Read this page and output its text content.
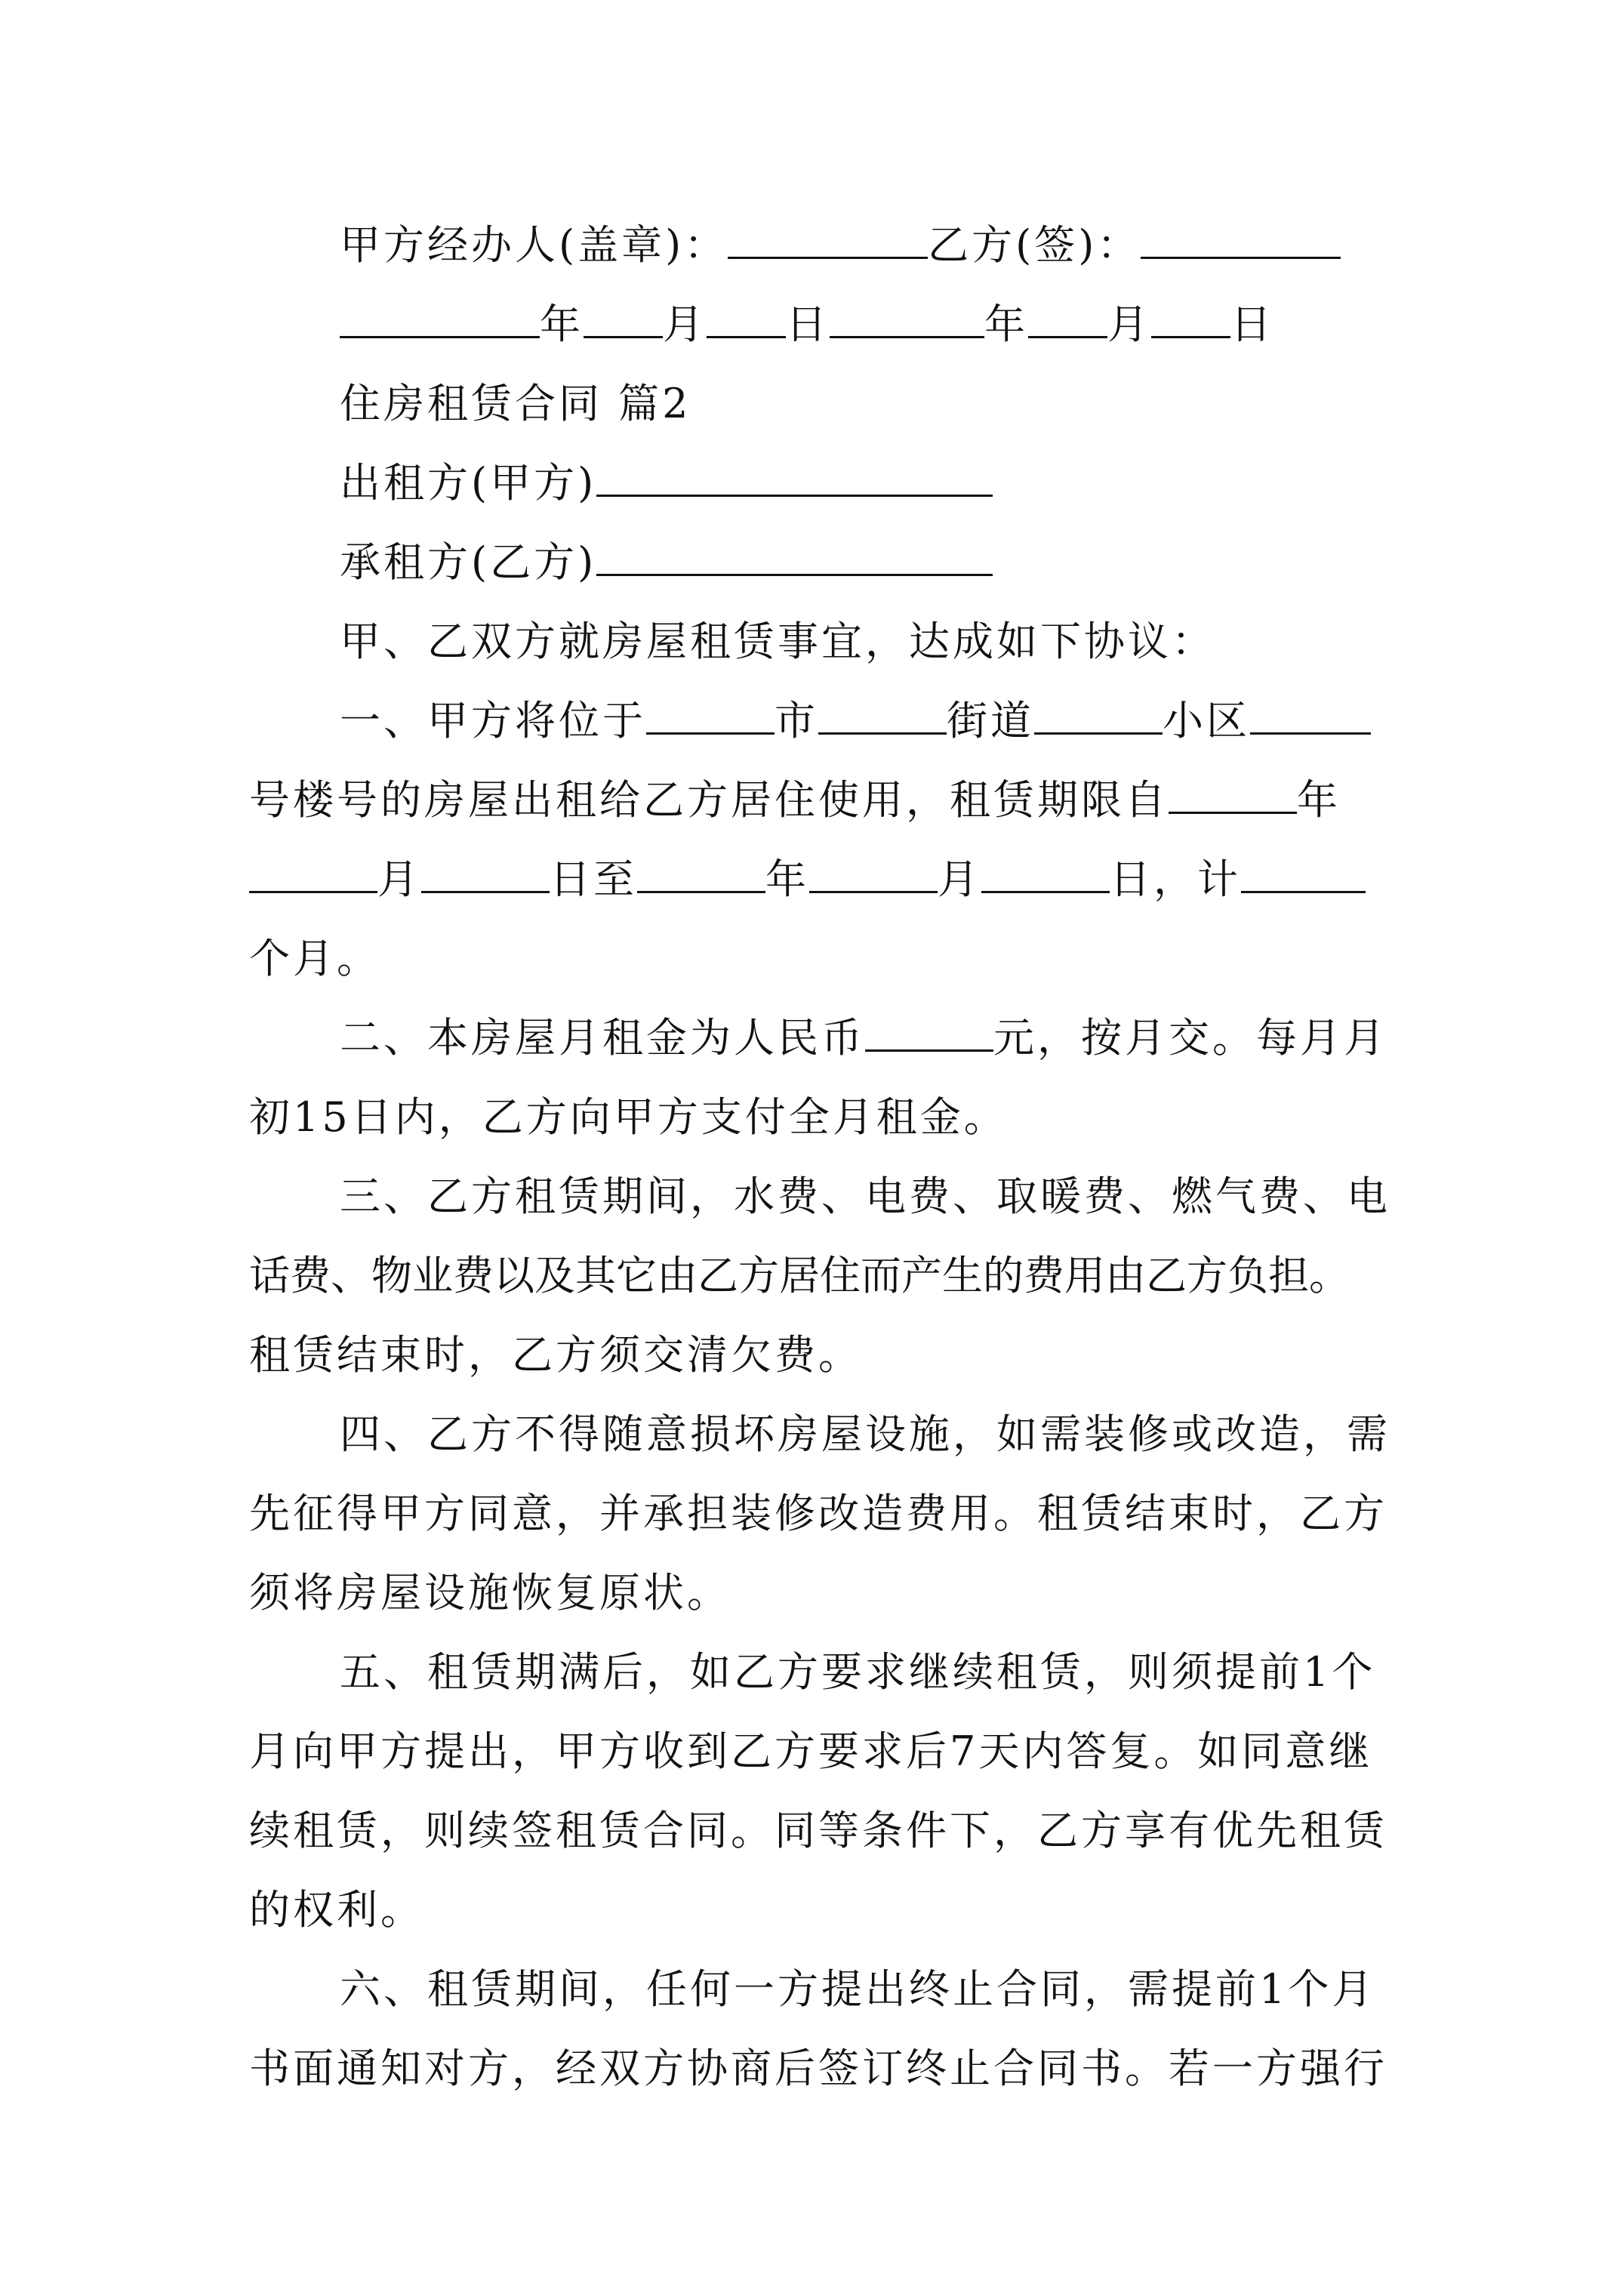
甲方经办人(盖章)：	乙方(签)：
年 月 日	年 月 日
住房租赁合同 篇2
出租方(甲方)
承租方(乙方)
甲、乙双方就房屋租赁事宜，达成如下协议：
一、甲方将位于	市	街道	小区
号楼号的房屋出租给乙方居住使用，租赁期限自	年
月	日至	年	月	日，计
个月。
二、本房屋月租金为人民币	元，按月交。每月月
初15日内，乙方向甲方支付全月租金。
三、乙方租赁期间，水费、电费、取暖费、燃气费、电
话费、物业费以及其它由乙方居住而产生的费用由乙方负担。
租赁结束时，乙方须交清欠费。
四、乙方不得随意损坏房屋设施，如需装修或改造，需
先征得甲方同意，并承担装修改造费用。租赁结束时，乙方
须将房屋设施恢复原状。
五、租赁期满后，如乙方要求继续租赁，则须提前1个
月向甲方提出，甲方收到乙方要求后7天内答复。如同意继
续租赁，则续签租赁合同。同等条件下，乙方享有优先租赁
的权利。
六、租赁期间，任何一方提出终止合同，需提前1个月
书面通知对方，经双方协商后签订终止合同书。若一方强行
